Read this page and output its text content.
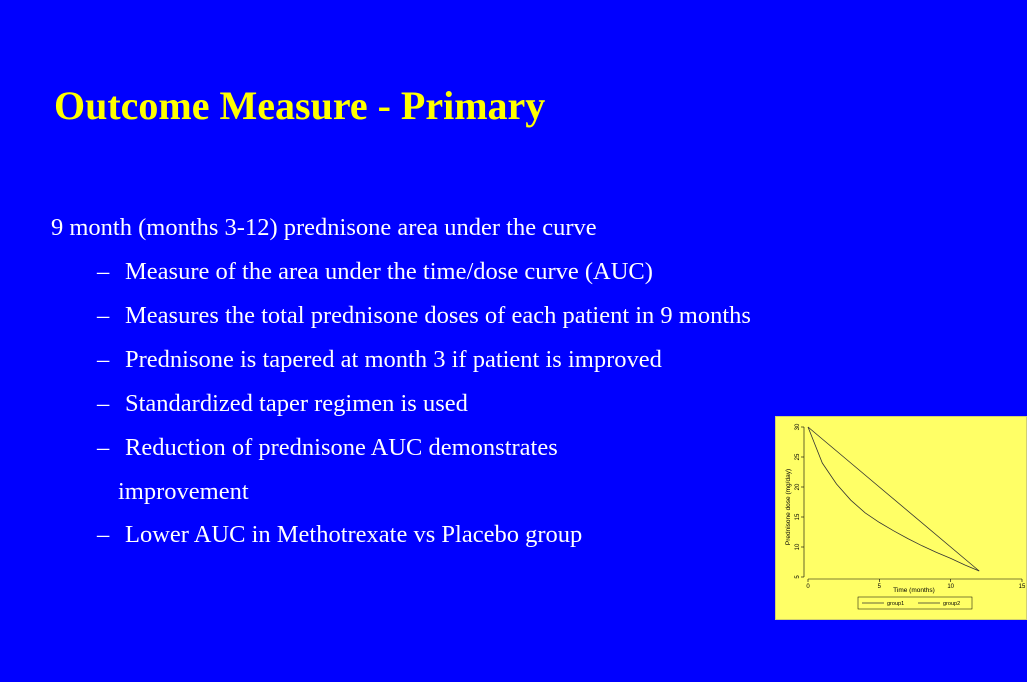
Outcome Measure - Primary
9 month (months 3-12) prednisone area under the curve
– Measure of the area under the time/dose curve (AUC)
– Measures the total prednisone doses of each patient in 9 months
– Prednisone is tapered at month 3 if patient is improved
– Standardized taper regimen is used
– Reduction of prednisone AUC demonstrates
improvement
– Lower AUC in Methotrexate vs Placebo group
0	5	10	15
5
10
15
20
25
30
Time (months)
Prednisone dose (mg/day)
group1	group2
